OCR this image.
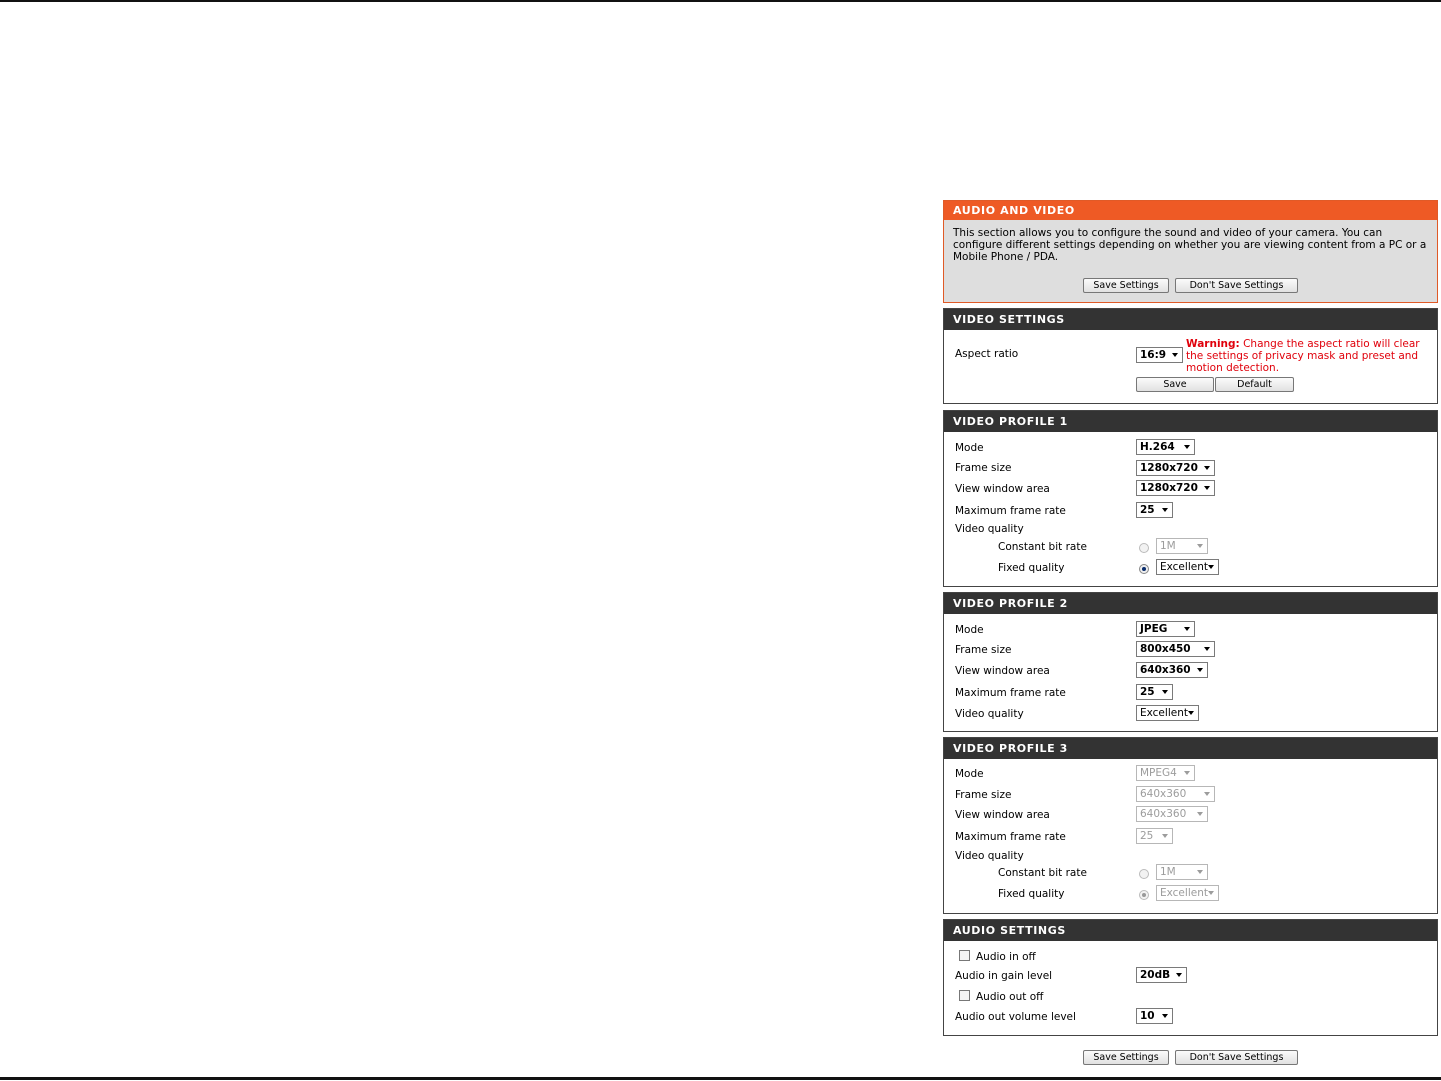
AUDIO AND VIDEO
This section allows you to configure the sound and video of your camera. You can configure different settings depending on whether you are viewing content from a PC or a Mobile Phone / PDA.
Save Settings	Don't Save Settings
VIDEO SETTINGS
Aspect ratio	16:9
Warning: Change the aspect ratio will clear the settings of privacy mask and preset and motion detection.
Save	Default
VIDEO PROFILE 1
Mode	H.264
Frame size	1280x720
View window area	1280x720
Maximum frame rate	25
Video quality
Constant bit rate	1M
Fixed quality	Excellent
VIDEO PROFILE 2
Mode	JPEG
Frame size	800x450
View window area	640x360
Maximum frame rate	25
Video quality	Excellent
VIDEO PROFILE 3
Mode	MPEG4
Frame size	640x360
View window area	640x360
Maximum frame rate	25
Video quality
Constant bit rate	1M
Fixed quality	Excellent
AUDIO SETTINGS
Audio in off
Audio in gain level	20dB
Audio out off
Audio out volume level	10
Save Settings	Don't Save Settings
